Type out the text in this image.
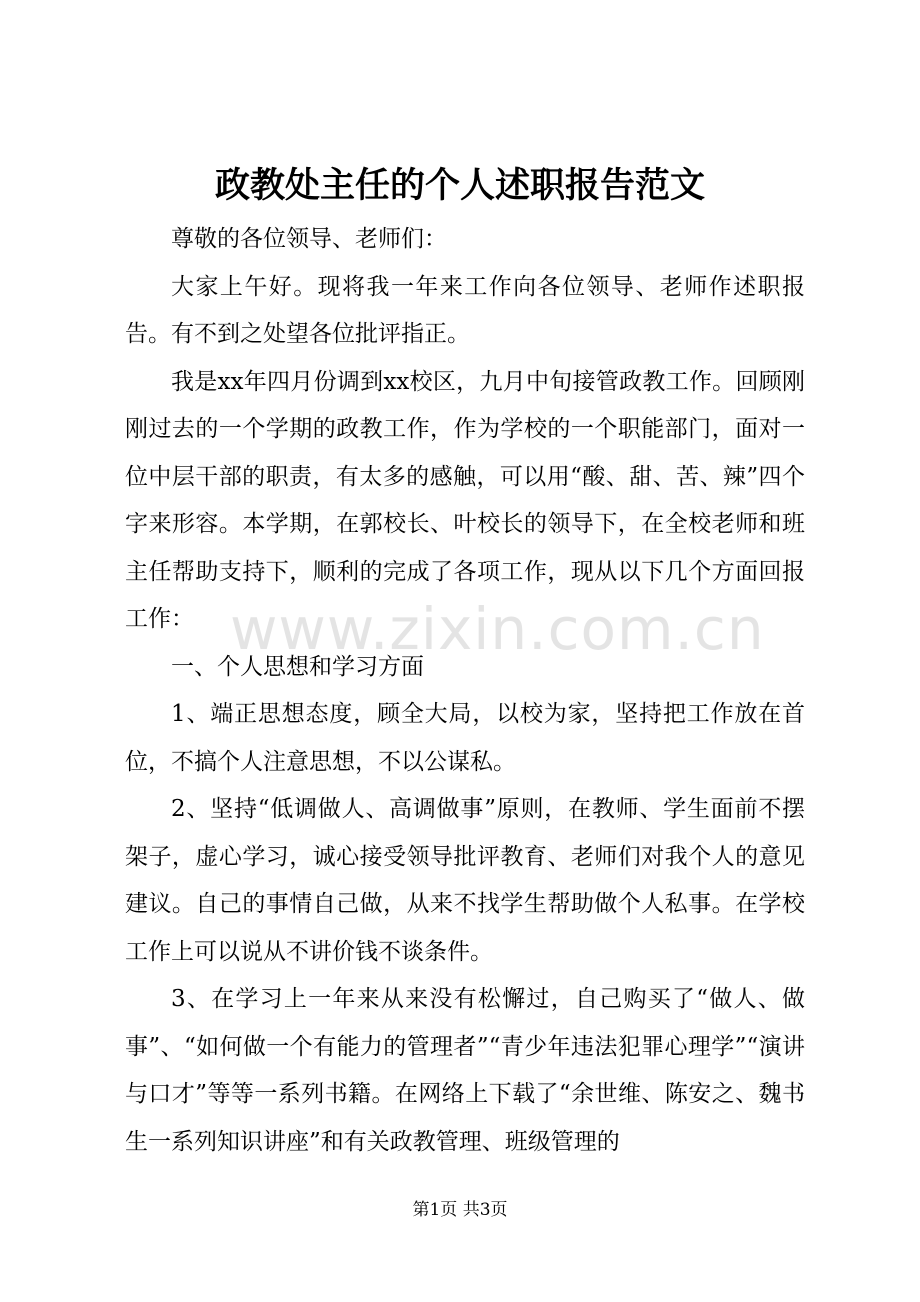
政教处主任的个人述职报告范文

尊敬的各位领导、老师们：

大家上午好。现将我一年来工作向各位领导、老师作述职报告。有不到之处望各位批评指正。

我是xx年四月份调到xx校区，九月中旬接管政教工作。回顾刚刚过去的一个学期的政教工作，作为学校的一个职能部门，面对一位中层干部的职责，有太多的感触，可以用“酸、甜、苦、辣”四个字来形容。本学期，在郭校长、叶校长的领导下，在全校老师和班主任帮助支持下，顺利的完成了各项工作，现从以下几个方面回报工作：

一、个人思想和学习方面

1、端正思想态度，顾全大局，以校为家，坚持把工作放在首位，不搞个人注意思想，不以公谋私。

2、坚持“低调做人、高调做事”原则，在教师、学生面前不摆架子，虚心学习，诚心接受领导批评教育、老师们对我个人的意见建议。自己的事情自己做，从来不找学生帮助做个人私事。在学校工作上可以说从不讲价钱不谈条件。

3、在学习上一年来从来没有松懈过，自己购买了“做人、做事”、“如何做一个有能力的管理者”“青少年违法犯罪心理学”“演讲与口才”等等一系列书籍。在网络上下载了“余世维、陈安之、魏书生一系列知识讲座”和有关政教管理、班级管理的

www.zixin.com.cn
第1页 共3页
